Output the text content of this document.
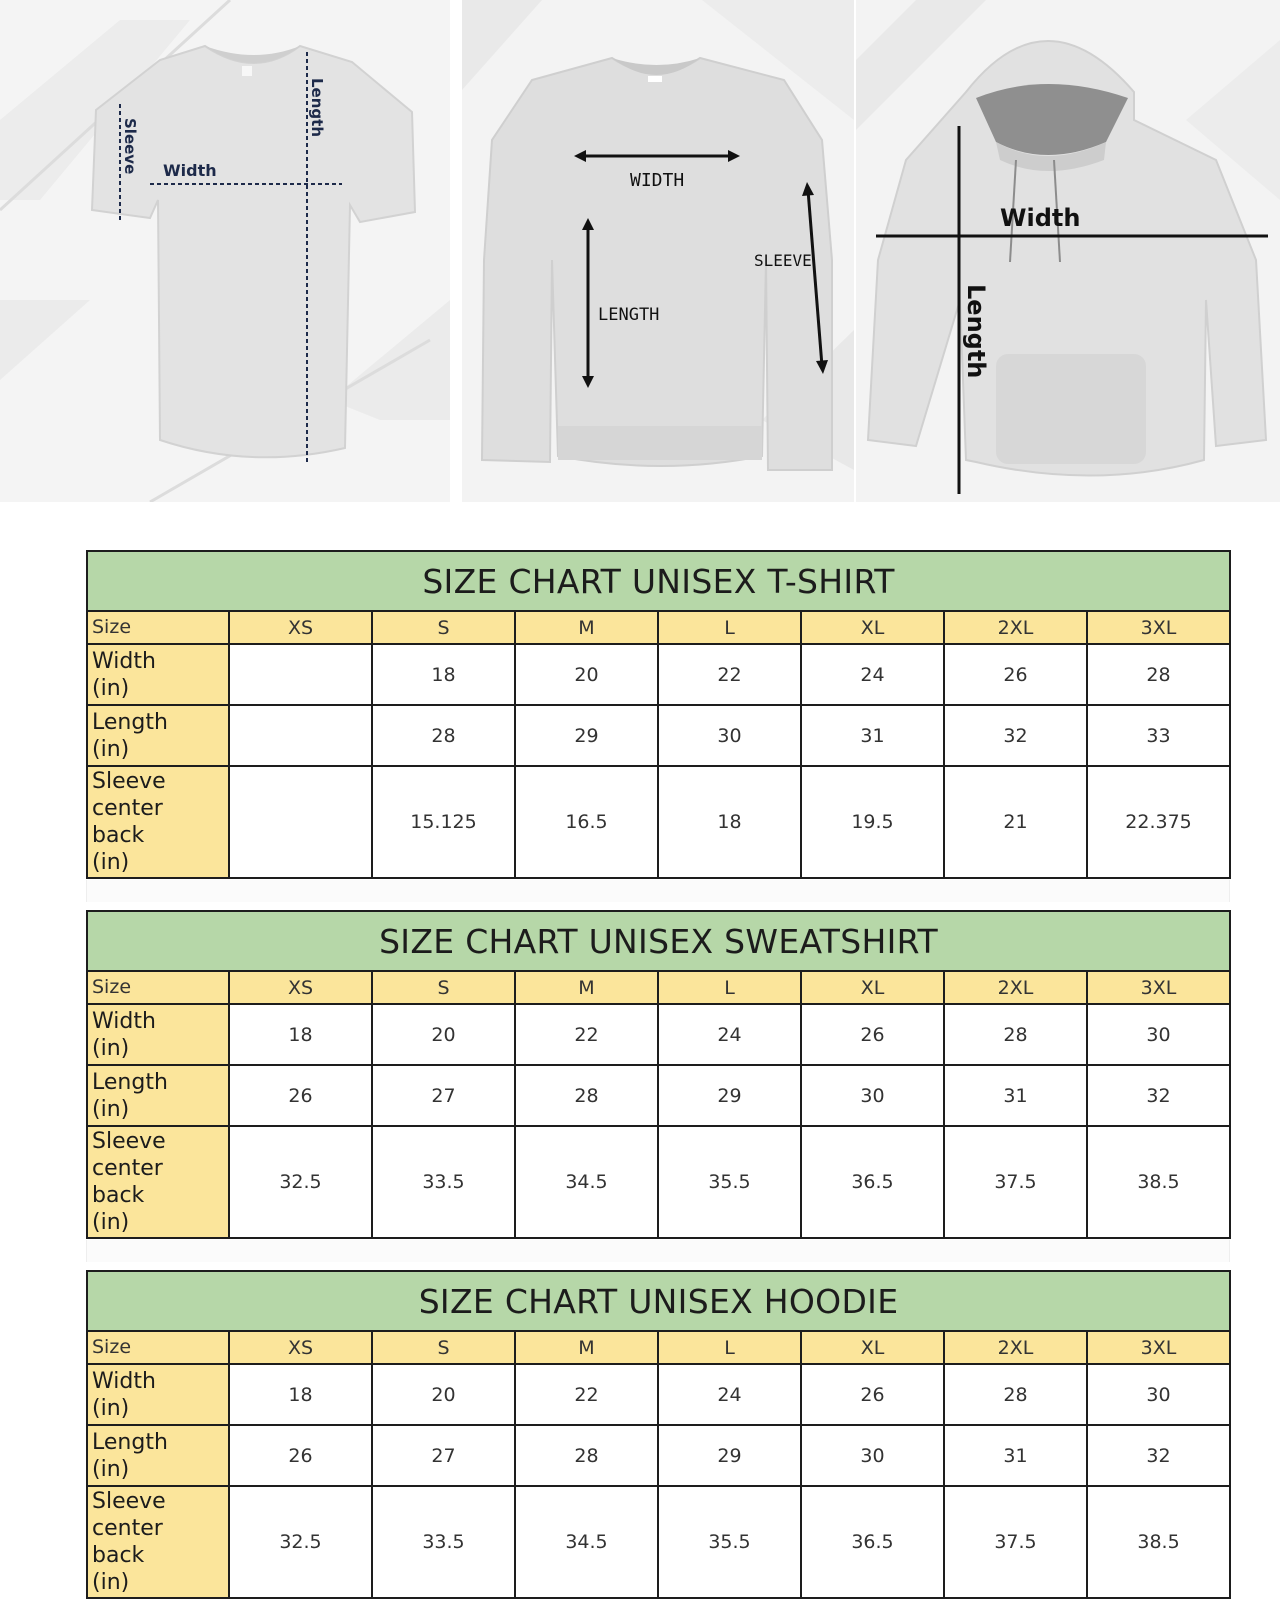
Sleeve Width
Length
WIDTH
LENGTH
SLEEVE
Width
Length
SIZE CHART UNISEX T-SHIRT							
Size	XS	S	M	L	XL	2XL	3XL
Width
(in)		18	20	22	24	26	28
Length
(in)		28	29	30	31	32	33
Sleeve
center
back
(in)		15.125	16.5	18	19.5	21	22.375
SIZE CHART UNISEX SWEATSHIRT							
Size	XS	S	M	L	XL	2XL	3XL
Width
(in)	18	20	22	24	26	28	30
Length
(in)	26	27	28	29	30	31	32
Sleeve
center
back
(in)	32.5	33.5	34.5	35.5	36.5	37.5	38.5
SIZE CHART UNISEX HOODIE							
Size	XS	S	M	L	XL	2XL	3XL
Width
(in)	18	20	22	24	26	28	30
Length
(in)	26	27	28	29	30	31	32
Sleeve
center
back
(in)	32.5	33.5	34.5	35.5	36.5	37.5	38.5
